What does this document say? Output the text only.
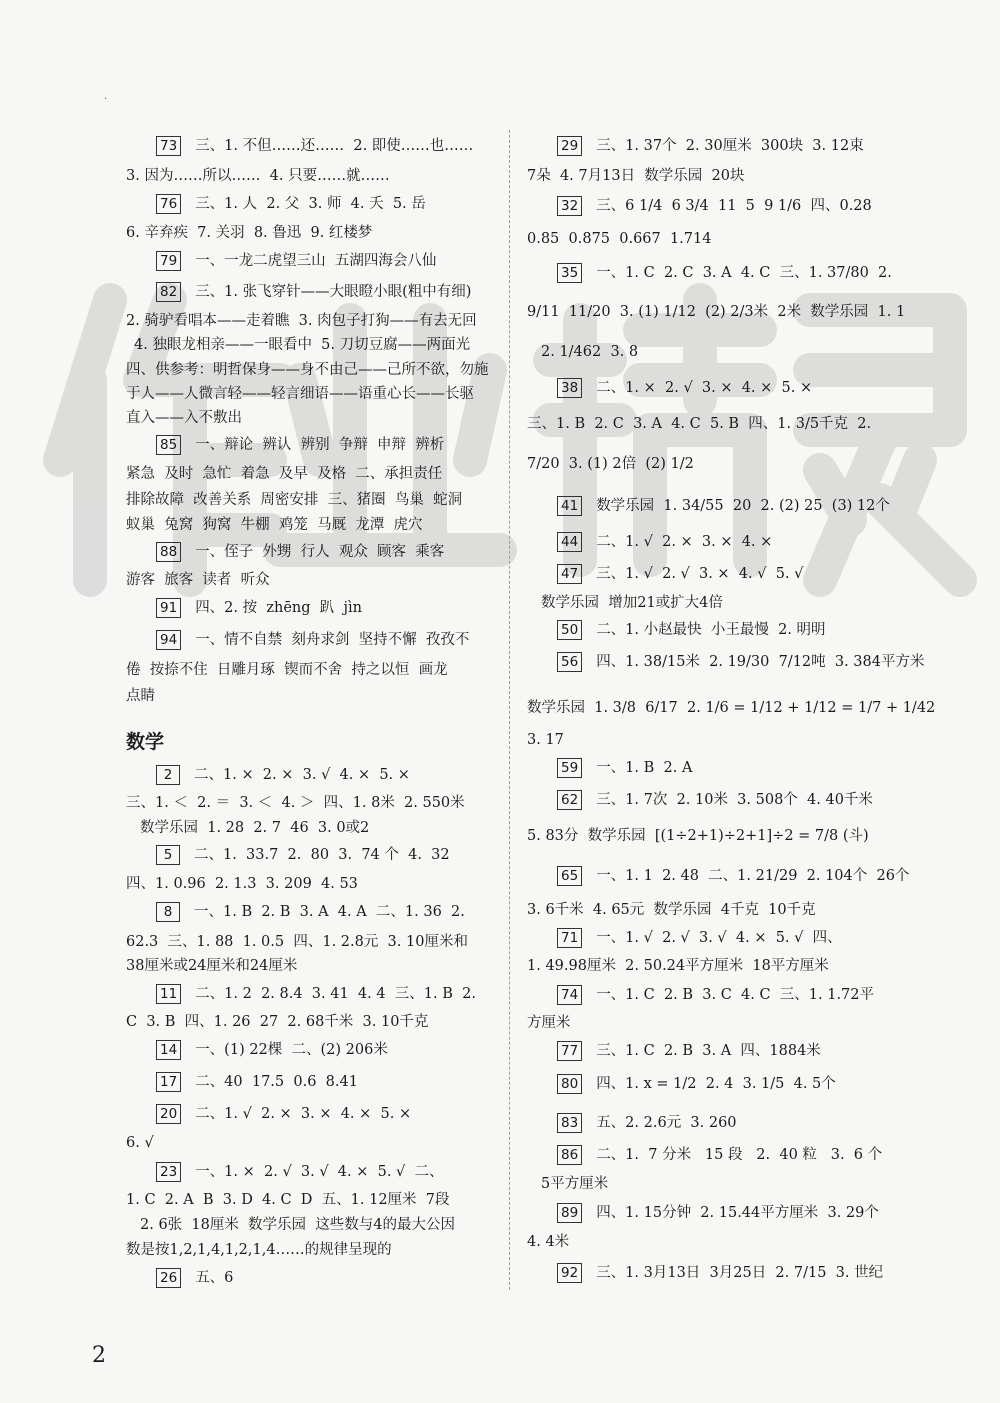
·
73 三、1. 不但……还……  2. 即使……也……
3. 因为……所以……  4. 只要……就……
76 三、1. 人  2. 父  3. 师  4. 夭  5. 岳
6. 辛弃疾  7. 关羽  8. 鲁迅  9. 红楼梦
79 一、一龙二虎望三山  五湖四海会八仙
82 三、1. 张飞穿针——大眼瞪小眼(粗中有细)
2. 骑驴看唱本——走着瞧  3. 肉包子打狗——有去无回
4. 独眼龙相亲——一眼看中  5. 刀切豆腐——两面光
四、供参考：明哲保身——身不由己——己所不欲，勿施
于人——人微言轻——轻言细语——语重心长——长驱
直入——入不敷出
85 一、辩论  辨认  辨别  争辩  申辩  辨析
紧急  及时  急忙  着急  及早  及格  二、承担责任
排除故障  改善关系  周密安排  三、猪圈  鸟巢  蛇洞
蚁巢  兔窝  狗窝  牛棚  鸡笼  马厩  龙潭  虎穴
88 一、侄子  外甥  行人  观众  顾客  乘客
游客  旅客  读者  听众
91 四、2. 按  zhēng  趴  jìn
94 一、情不自禁  刻舟求剑  坚持不懈  孜孜不
倦  按捺不住  日雕月琢  锲而不舍  持之以恒  画龙
点睛
2 二、1. ×  2. ×  3. √  4. ×  5. ×
三、1. ＜  2. ＝  3. ＜  4. ＞  四、1. 8米  2. 550米
数学乐园  1. 28  2. 7  46  3. 0或2
5 二、1.  33.7  2.  80  3.  74 个  4.  32
四、1. 0.96  2. 1.3  3. 209  4. 53
8 一、1. B  2. B  3. A  4. A  二、1. 36  2.
62.3  三、1. 88  1. 0.5  四、1. 2.8元  3. 10厘米和
38厘米或24厘米和24厘米
11 二、1. 2  2. 8.4  3. 41  4. 4  三、1. B  2.
C  3. B  四、1. 26  27  2. 68千米  3. 10千克
14 一、(1) 22棵  二、(2) 206米
17 二、40  17.5  0.6  8.41
20 二、1. √  2. ×  3. ×  4. ×  5. ×
6. √
23 一、1. ×  2. √  3. √  4. ×  5. √  二、
1. C  2. A  B  3. D  4. C  D  五、1. 12厘米  7段
2. 6张  18厘米  数学乐园  这些数与4的最大公因
数是按1,2,1,4,1,2,1,4……的规律呈现的
26 五、6
29 三、1. 37个  2. 30厘米  300块  3. 12束
7朵  4. 7月13日  数学乐园  20块
32 三、6 1/4  6 3/4  11  5  9 1/6  四、0.28
0.85  0.875  0.667  1.714
35 一、1. C  2. C  3. A  4. C  三、1. 37/80  2.
9/11  11/20  3. (1) 1/12  (2) 2/3米  2米  数学乐园  1. 1
2. 1/462  3. 8
38 二、1. ×  2. √  3. ×  4. ×  5. ×
三、1. B  2. C  3. A  4. C  5. B  四、1. 3/5千克  2.
7/20  3. (1) 2倍  (2) 1/2
41 数学乐园  1. 34/55  20  2. (2) 25  (3) 12个
44 二、1. √  2. ×  3. ×  4. ×
47 三、1. √  2. √  3. ×  4. √  5. √
数学乐园  增加21或扩大4倍
50 二、1. 小赵最快  小王最慢  2. 明明
56 四、1. 38/15米  2. 19/30  7/12吨  3. 384平方米
数学乐园  1. 3/8  6/17  2. 1/6 = 1/12 + 1/12 = 1/7 + 1/42
3. 17
59 一、1. B  2. A
62 三、1. 7次  2. 10米  3. 508个  4. 40千米
5. 83分  数学乐园  [(1÷2+1)÷2+1]÷2 = 7/8 (斗)
65 一、1. 1  2. 48  二、1. 21/29  2. 104个  26个
3. 6千米  4. 65元  数学乐园  4千克  10千克
71 一、1. √  2. √  3. √  4. ×  5. √  四、
1. 49.98厘米  2. 50.24平方厘米  18平方厘米
74 一、1. C  2. B  3. C  4. C  三、1. 1.72平
方厘米
77 三、1. C  2. B  3. A  四、1884米
80 四、1. x = 1/2  2. 4  3. 1/5  4. 5个
83 五、2. 2.6元  3. 260
86 二、1.  7 分米   15 段   2.  40 粒   3.  6 个
5平方厘米
89 四、1. 15分钟  2. 15.44平方厘米  3. 29个
4. 4米
92 三、1. 3月13日  3月25日  2. 7/15  3. 世纪
数学
2
